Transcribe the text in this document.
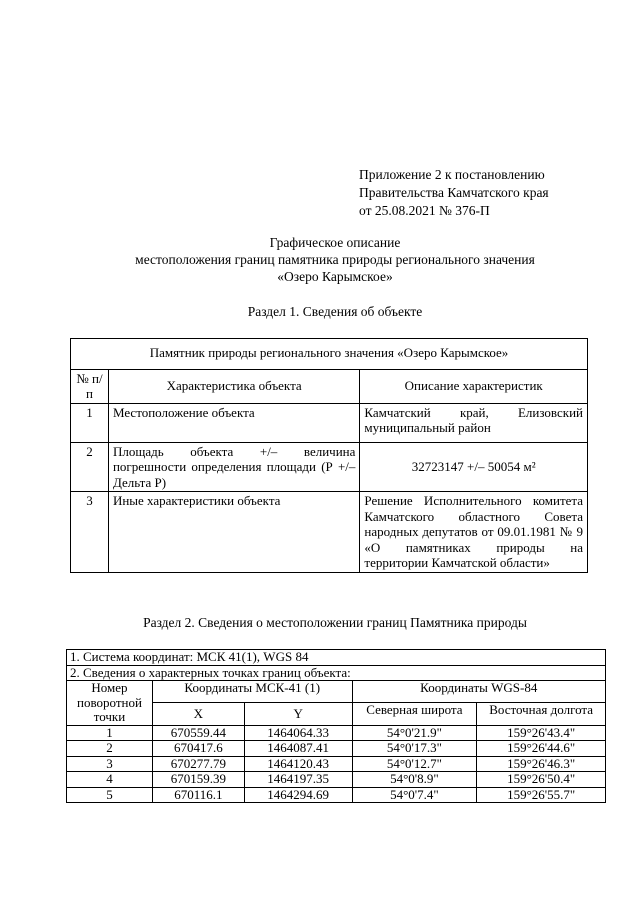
Приложение 2 к постановлению
Правительства Камчатского края
от 25.08.2021 № 376-П
Графическое описание
местоположения границ памятника природы регионального значения
«Озеро Карымское»
Раздел 1. Сведения об объекте
Памятник природы регионального значения «Озеро Карымское»		
№ п/п	Характеристика объекта	Описание характеристик
1	Местоположение объекта	Камчатский край, Елизовский муниципальный район
2	Площадь объекта +/– величина погрешности определения площади (Р +/– Дельта Р)	32723147 +/– 50054 м²
3	Иные характеристики объекта	Решение Исполнительного комитета Камчатского областного Совета народных депутатов от 09.01.1981 № 9 «О памятниках природы на территории Камчатской области»
Раздел 2. Сведения о местоположении границ Памятника природы
1. Система координат: МСК 41(1), WGS 84				
2. Сведения о характерных точках границ объекта:				
Номер поворотной точки	Координаты МСК-41 (1)		Координаты WGS-84	
	X	Y	Северная широта	Восточная долгота
1	670559.44	1464064.33	54°0'21.9"	159°26'43.4"
2	670417.6	1464087.41	54°0'17.3"	159°26'44.6"
3	670277.79	1464120.43	54°0'12.7"	159°26'46.3"
4	670159.39	1464197.35	54°0'8.9"	159°26'50.4"
5	670116.1	1464294.69	54°0'7.4"	159°26'55.7"
